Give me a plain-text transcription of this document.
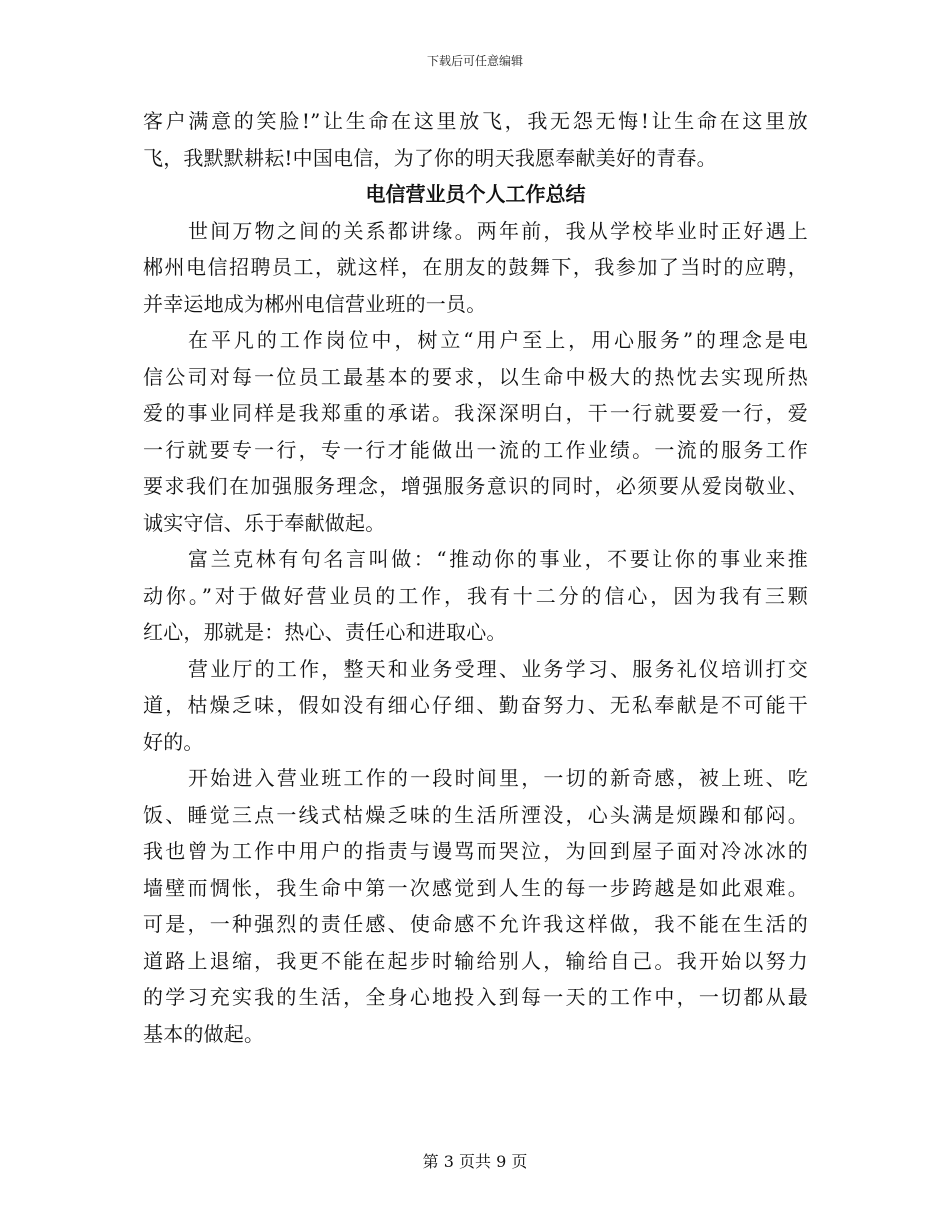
下载后可任意编辑
客户满意的笑脸!”让生命在这里放飞，我无怨无悔!让生命在这里放
飞，我默默耕耘!中国电信，为了你的明天我愿奉献美好的青春。
电信营业员个人工作总结
世间万物之间的关系都讲缘。两年前，我从学校毕业时正好遇上
郴州电信招聘员工，就这样，在朋友的鼓舞下，我参加了当时的应聘，
并幸运地成为郴州电信营业班的一员。
在平凡的工作岗位中，树立“用户至上，用心服务”的理念是电
信公司对每一位员工最基本的要求，以生命中极大的热忱去实现所热
爱的事业同样是我郑重的承诺。我深深明白，干一行就要爱一行，爱
一行就要专一行，专一行才能做出一流的工作业绩。一流的服务工作
要求我们在加强服务理念，增强服务意识的同时，必须要从爱岗敬业、
诚实守信、乐于奉献做起。
富兰克林有句名言叫做：“推动你的事业，不要让你的事业来推
动你。”对于做好营业员的工作，我有十二分的信心，因为我有三颗
红心，那就是：热心、责任心和进取心。
营业厅的工作，整天和业务受理、业务学习、服务礼仪培训打交
道，枯燥乏味，假如没有细心仔细、勤奋努力、无私奉献是不可能干
好的。
开始进入营业班工作的一段时间里，一切的新奇感，被上班、吃
饭、睡觉三点一线式枯燥乏味的生活所湮没，心头满是烦躁和郁闷。
我也曾为工作中用户的指责与谩骂而哭泣，为回到屋子面对冷冰冰的
墙壁而惆怅，我生命中第一次感觉到人生的每一步跨越是如此艰难。
可是，一种强烈的责任感、使命感不允许我这样做，我不能在生活的
道路上退缩，我更不能在起步时输给别人，输给自己。我开始以努力
的学习充实我的生活，全身心地投入到每一天的工作中，一切都从最
基本的做起。
第 3 页共 9 页
